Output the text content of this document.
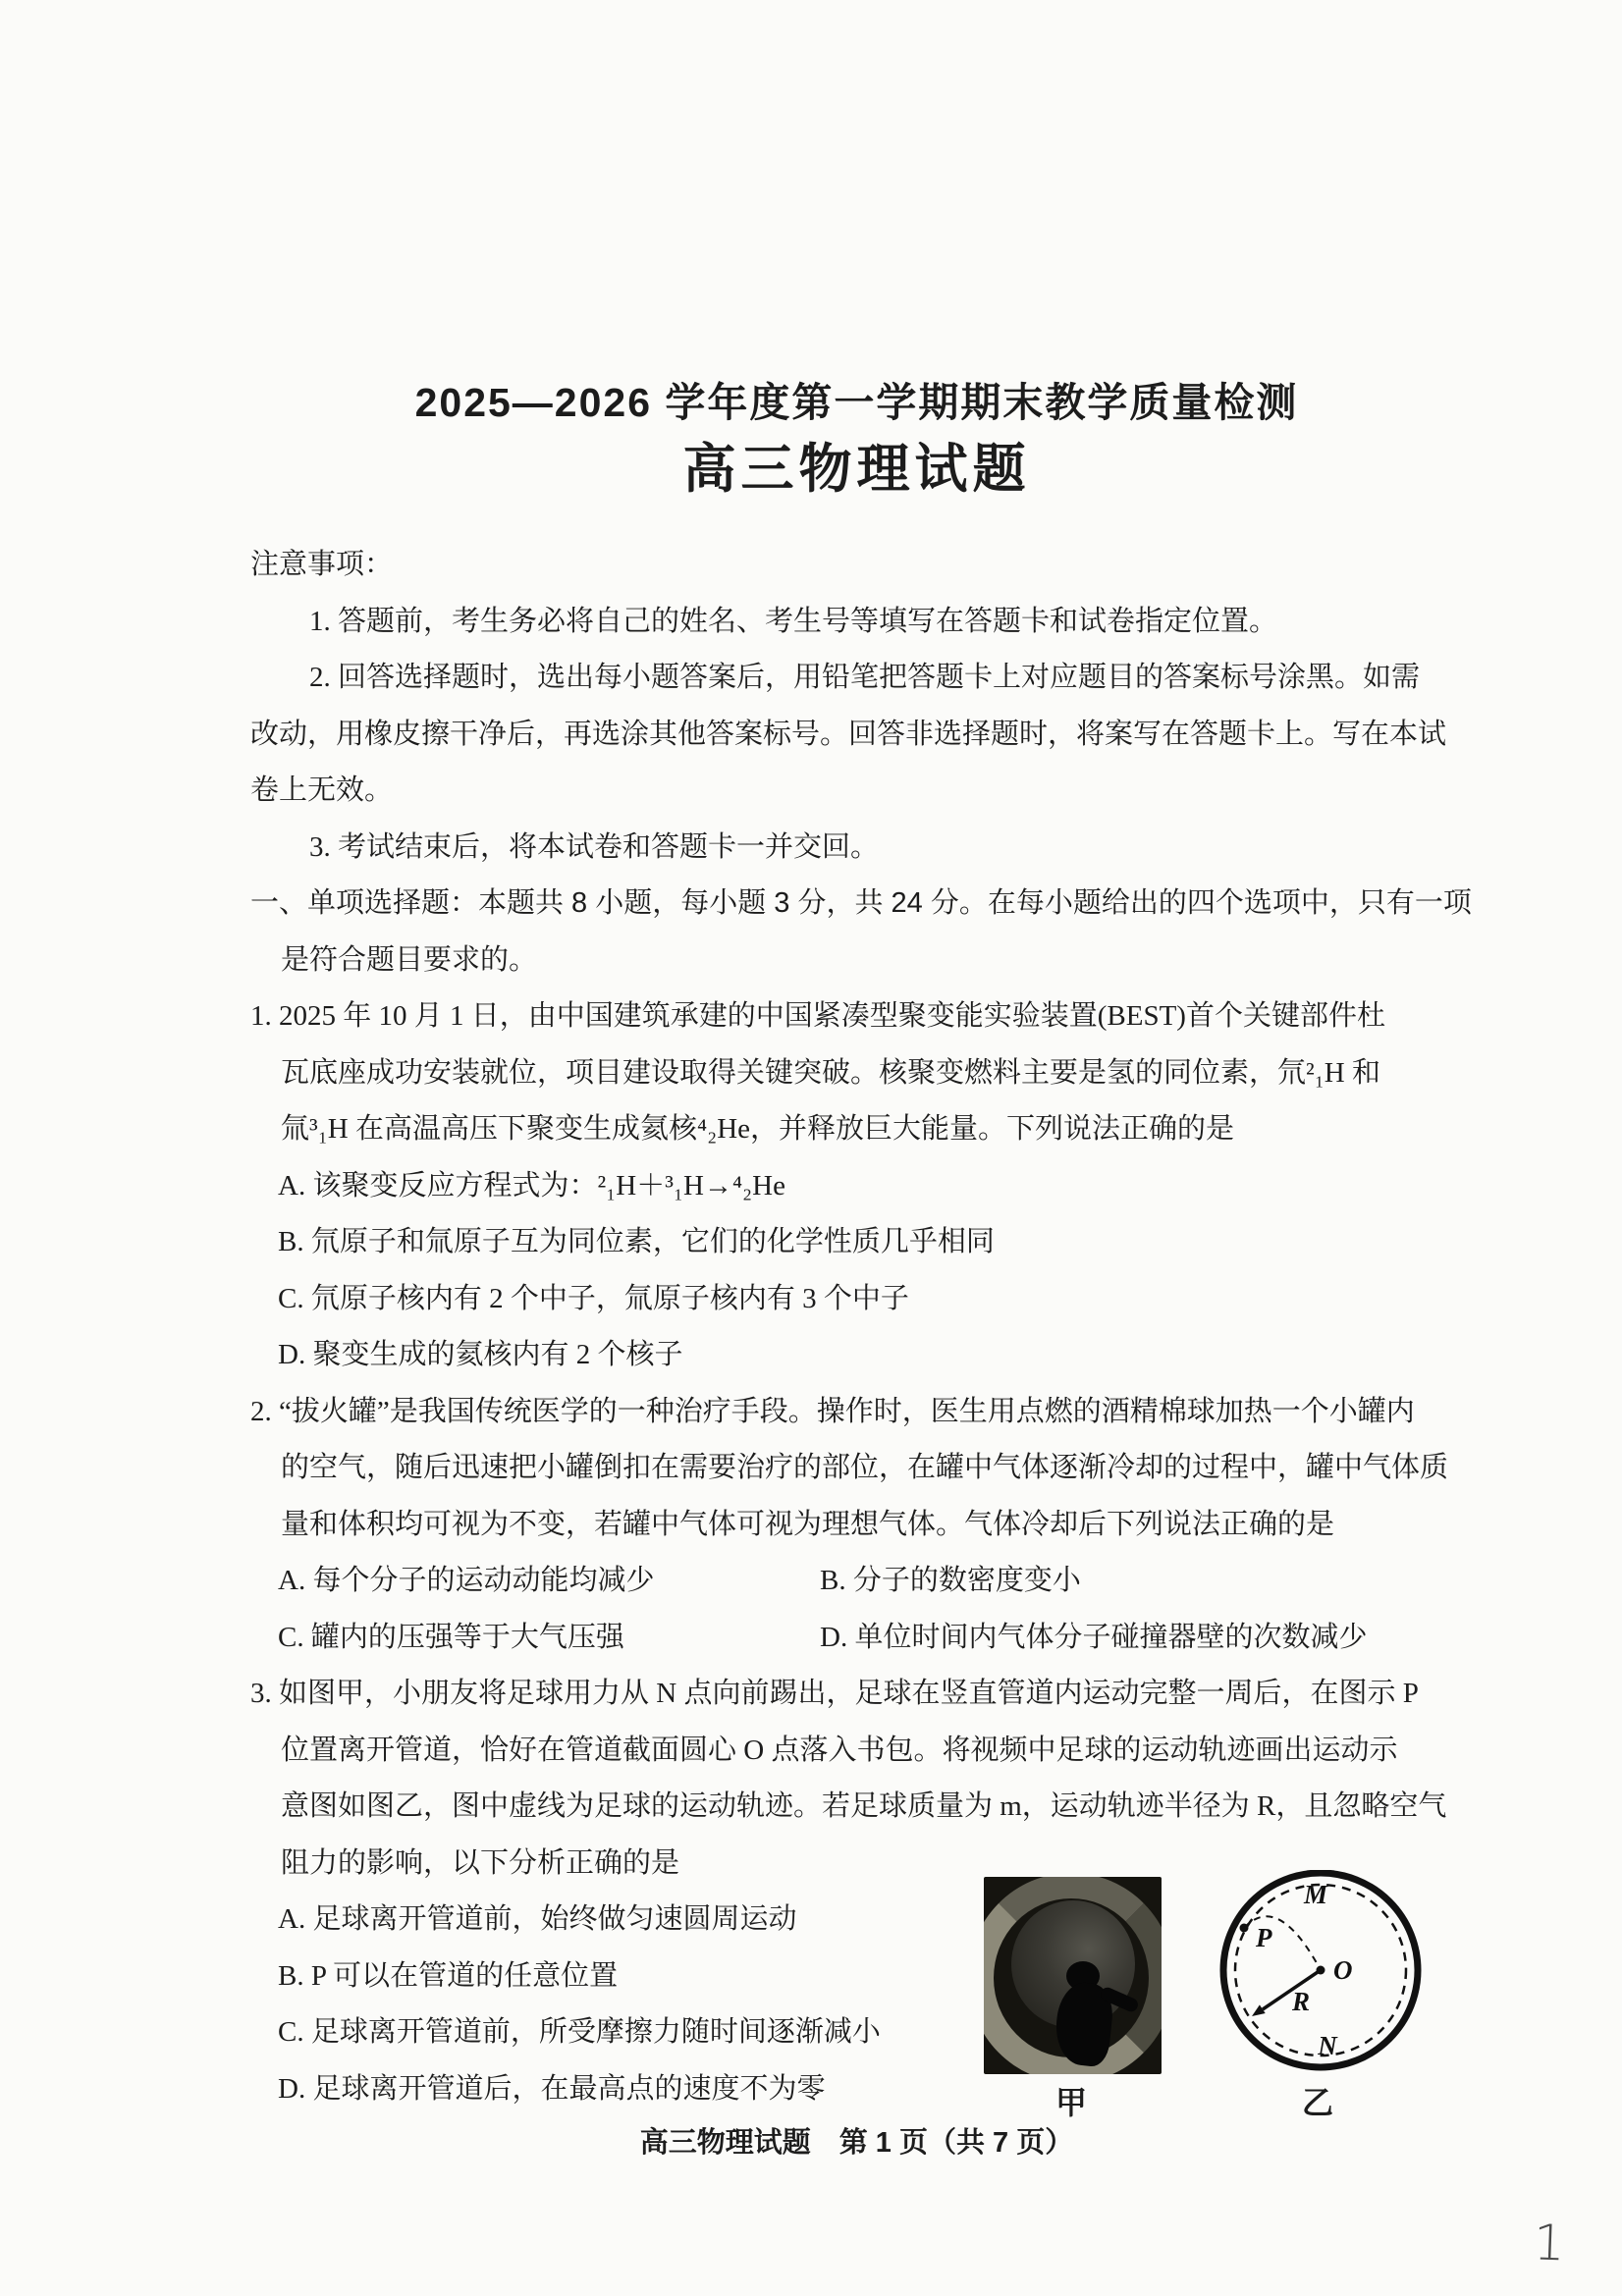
2025—2026 学年度第一学期期末教学质量检测
高三物理试题
注意事项：
1. 答题前，考生务必将自己的姓名、考生号等填写在答题卡和试卷指定位置。
2. 回答选择题时，选出每小题答案后，用铅笔把答题卡上对应题目的答案标号涂黑。如需
改动，用橡皮擦干净后，再选涂其他答案标号。回答非选择题时，将案写在答题卡上。写在本试
卷上无效。
3. 考试结束后，将本试卷和答题卡一并交回。
一、单项选择题：本题共 8 小题，每小题 3 分，共 24 分。在每小题给出的四个选项中，只有一项
是符合题目要求的。
1. 2025 年 10 月 1 日，由中国建筑承建的中国紧凑型聚变能实验装置(BEST)首个关键部件杜
瓦底座成功安装就位，项目建设取得关键突破。核聚变燃料主要是氢的同位素，氘²₁H 和
氚³₁H 在高温高压下聚变生成氦核⁴₂He，并释放巨大能量。下列说法正确的是
A. 该聚变反应方程式为：²₁H＋³₁H→⁴₂He
B. 氘原子和氚原子互为同位素，它们的化学性质几乎相同
C. 氘原子核内有 2 个中子，氚原子核内有 3 个中子
D. 聚变生成的氦核内有 2 个核子
2. “拔火罐”是我国传统医学的一种治疗手段。操作时，医生用点燃的酒精棉球加热一个小罐内
的空气，随后迅速把小罐倒扣在需要治疗的部位，在罐中气体逐渐冷却的过程中，罐中气体质
量和体积均可视为不变，若罐中气体可视为理想气体。气体冷却后下列说法正确的是
A. 每个分子的运动动能均减少	B. 分子的数密度变小
C. 罐内的压强等于大气压强	D. 单位时间内气体分子碰撞器壁的次数减少
3. 如图甲，小朋友将足球用力从 N 点向前踢出，足球在竖直管道内运动完整一周后，在图示 P
位置离开管道，恰好在管道截面圆心 O 点落入书包。将视频中足球的运动轨迹画出运动示
意图如图乙，图中虚线为足球的运动轨迹。若足球质量为 m，运动轨迹半径为 R，且忽略空气
阻力的影响，以下分析正确的是
A. 足球离开管道前，始终做匀速圆周运动
B. P 可以在管道的任意位置
C. 足球离开管道前，所受摩擦力随时间逐渐减小
D. 足球离开管道后，在最高点的速度不为零	甲
M
P
O
R
N
乙
高三物理试题　第 1 页（共 7 页）
1
